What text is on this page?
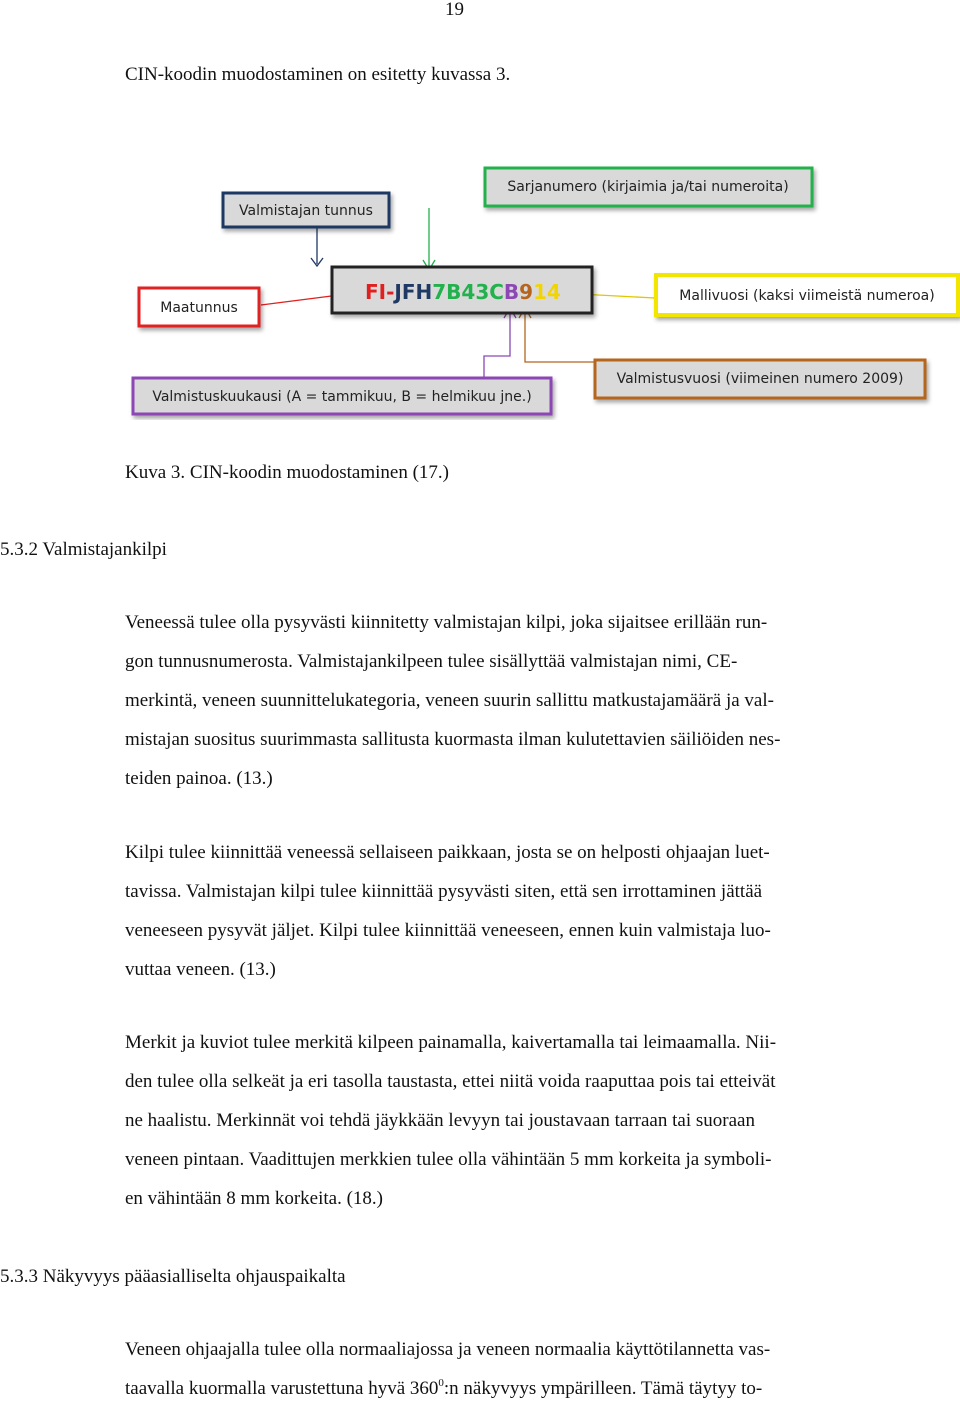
19
CIN-koodin muodostaminen on esitetty kuvassa 3.
Valmistajan tunnus
Sarjanumero (kirjaimia ja/tai numeroita)
FI-JFH7B43CB914
Maatunnus
Mallivuosi (kaksi viimeistä numeroa)
Valmistusvuosi (viimeinen numero 2009)
Valmistuskuukausi (A = tammikuu, B = helmikuu jne.)
Kuva 3. CIN-koodin muodostaminen (17.)
5.3.2 Valmistajankilpi
Veneessä tulee olla pysyvästi kiinnitetty valmistajan kilpi, joka sijaitsee erillään run-
gon tunnusnumerosta. Valmistajankilpeen tulee sisällyttää valmistajan nimi, CE-
merkintä, veneen suunnittelukategoria, veneen suurin sallittu matkustajamäärä ja val-
mistajan suositus suurimmasta sallitusta kuormasta ilman kulutettavien säiliöiden nes-
teiden painoa. (13.)
Kilpi tulee kiinnittää veneessä sellaiseen paikkaan, josta se on helposti ohjaajan luet-
tavissa. Valmistajan kilpi tulee kiinnittää pysyvästi siten, että sen irrottaminen jättää
veneeseen pysyvät jäljet. Kilpi tulee kiinnittää veneeseen, ennen kuin valmistaja luo-
vuttaa veneen. (13.)
Merkit ja kuviot tulee merkitä kilpeen painamalla, kaivertamalla tai leimaamalla. Nii-
den tulee olla selkeät ja eri tasolla taustasta, ettei niitä voida raaputtaa pois tai etteivät
ne haalistu. Merkinnät voi tehdä jäykkään levyyn tai joustavaan tarraan tai suoraan
veneen pintaan. Vaadittujen merkkien tulee olla vähintään 5 mm korkeita ja symboli-
en vähintään 8 mm korkeita. (18.)
5.3.3 Näkyvyys pääasialliselta ohjauspaikalta
Veneen ohjaajalla tulee olla normaaliajossa ja veneen normaalia käyttötilannetta vas-
taavalla kuormalla varustettuna hyvä $360^0:n$ näkyvyys ympärilleen. Tämä täytyy to-
